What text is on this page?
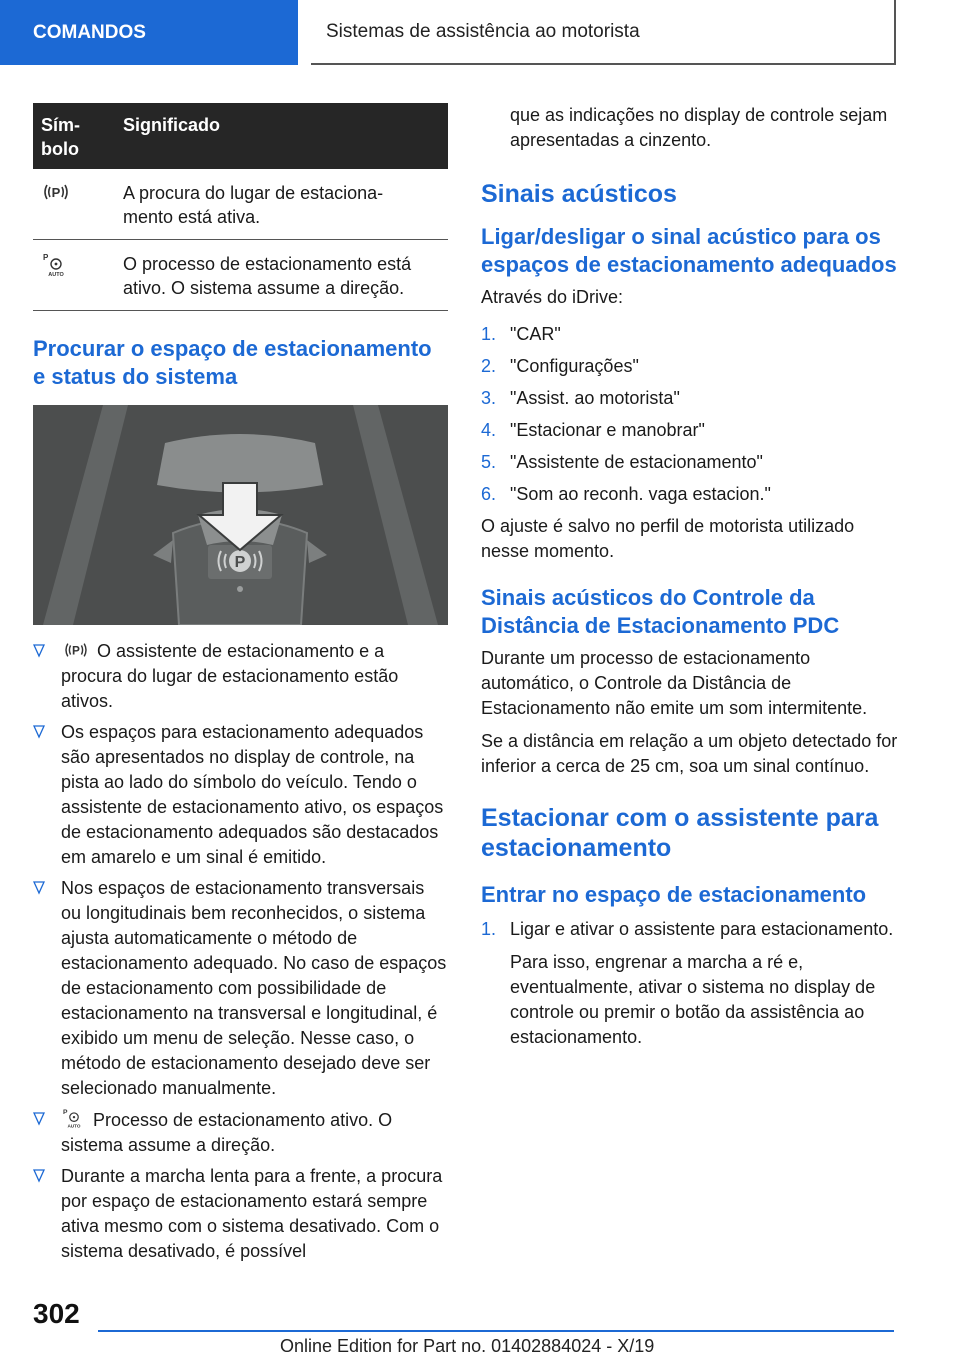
COMANDOS	Sistemas de assistência ao motorista
Sím-
bolo	Significado

P	A procura do lugar de estaciona-
mento está ativa.

P
AUTO	O processo de estacionamento está
ativo. O sistema assume a direção.
Procurar o espaço de estacionamento e status do sistema
P
P O assistente de estacionamento e a procura do lugar de estacionamento estão ativos.
Os espaços para estacionamento adequados são apresentados no display de controle, na pista ao lado do símbolo do veículo. Tendo o assistente de estacionamento ativo, os espaços de estacionamento adequados são destacados em amarelo e um sinal é emitido.
Nos espaços de estacionamento transversais ou longitudinais bem reconhecidos, o sistema ajusta automaticamente o método de estacionamento adequado. No caso de espaços de estacionamento com possibilidade de estacionamento na transversal e longitudinal, é exibido um menu de seleção. Nesse caso, o método de estacionamento desejado deve ser selecionado manualmente.
P
AUTO Processo de estacionamento ativo. O sistema assume a direção.
Durante a marcha lenta para a frente, a procura por espaço de estacionamento estará sempre ativa mesmo com o sistema desativado. Com o sistema desativado, é possível

que as indicações no display de controle sejam apresentadas a cinzento.

Sinais acústicos
Ligar/desligar o sinal acústico para os espaços de estacionamento adequados

Através do iDrive:

1. "CAR"
2. "Configurações"
3. "Assist. ao motorista"
4. "Estacionar e manobrar"
5. "Assistente de estacionamento"
6. "Som ao reconh. vaga estacion."

O ajuste é salvo no perfil de motorista utilizado nesse momento.

Sinais acústicos do Controle da Distância de Estacionamento PDC

Durante um processo de estacionamento automático, o Controle da Distância de Estacionamento não emite um som intermitente.

Se a distância em relação a um objeto detectado for inferior a cerca de 25 cm, soa um sinal contínuo.

Estacionar com o assistente para estacionamento
Entrar no espaço de estacionamento
1. Ligar e ativar o assistente para estacionamento.

Para isso, engrenar a marcha a ré e, eventualmente, ativar o sistema no display de controle ou premir o botão da assistência ao estacionamento.

302
Online Edition for Part no. 01402884024 - X/19
